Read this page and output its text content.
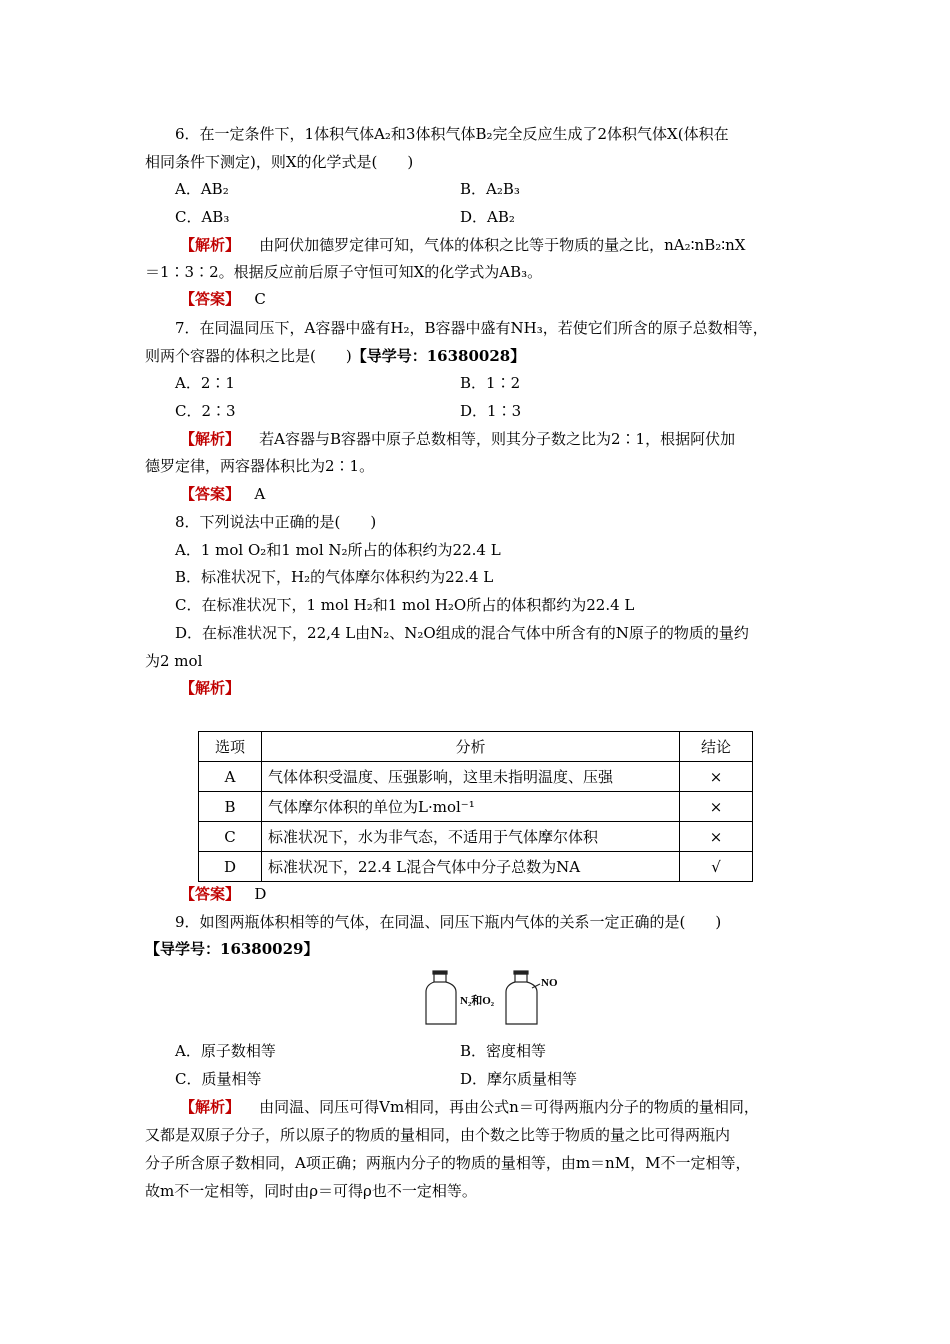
6．在一定条件下，1体积气体A₂和3体积气体B₂完全反应生成了2体积气体X(体积在
相同条件下测定)，则X的化学式是(　　)
A．AB₂	B．A₂B₃
C．AB₃	D．AB₂
【 解析 】 由阿伏加德罗定律可知，气体的体积之比等于物质的量之比，nA₂∶nB₂∶nX
＝1∶3∶2。根据反应前后原子守恒可知X的化学式为AB₃。
【 答案 】 C
7．在同温同压下，A容器中盛有H₂，B容器中盛有NH₃，若使它们所含的原子总数相等，
则两个容器的体积之比是(　　)【导学号：16380028】
A．2∶1	B．1∶2
C．2∶3	D．1∶3
【 解析 】 若A容器与B容器中原子总数相等，则其分子数之比为2∶1，根据阿伏加
德罗定律，两容器体积比为2∶1。
【 答案 】 A
8．下列说法中正确的是(　　)
A．1 mol O₂和1 mol N₂所占的体积约为22.4 L
B．标准状况下，H₂的气体摩尔体积约为22.4 L
C．在标准状况下，1 mol H₂和1 mol H₂O所占的体积都约为22.4 L
D．在标准状况下，22,4 L由N₂、N₂O组成的混合气体中所含有的N原子的物质的量约
为2 mol
【 解析 】
选项	分析	结论
A	气体体积受温度、压强影响，这里未指明温度、压强	×
B	气体摩尔体积的单位为L·mol⁻¹	×
C	标准状况下，水为非气态，不适用于气体摩尔体积	×
D	标准状况下，22.4 L混合气体中分子总数为NA	√
【 答案 】 D
9．如图两瓶体积相等的气体，在同温、同压下瓶内气体的关系一定正确的是(　　)
【导学号：16380029】
N₂和O₂
NO
A．原子数相等	B．密度相等
C．质量相等	D．摩尔质量相等
【 解析 】 由同温、同压可得Vm相同，再由公式n＝可得两瓶内分子的物质的量相同，
又都是双原子分子，所以原子的物质的量相同，由个数之比等于物质的量之比可得两瓶内
分子所含原子数相同，A项正确；两瓶内分子的物质的量相等，由m＝nM，M不一定相等，
故m不一定相等，同时由ρ＝可得ρ也不一定相等。
